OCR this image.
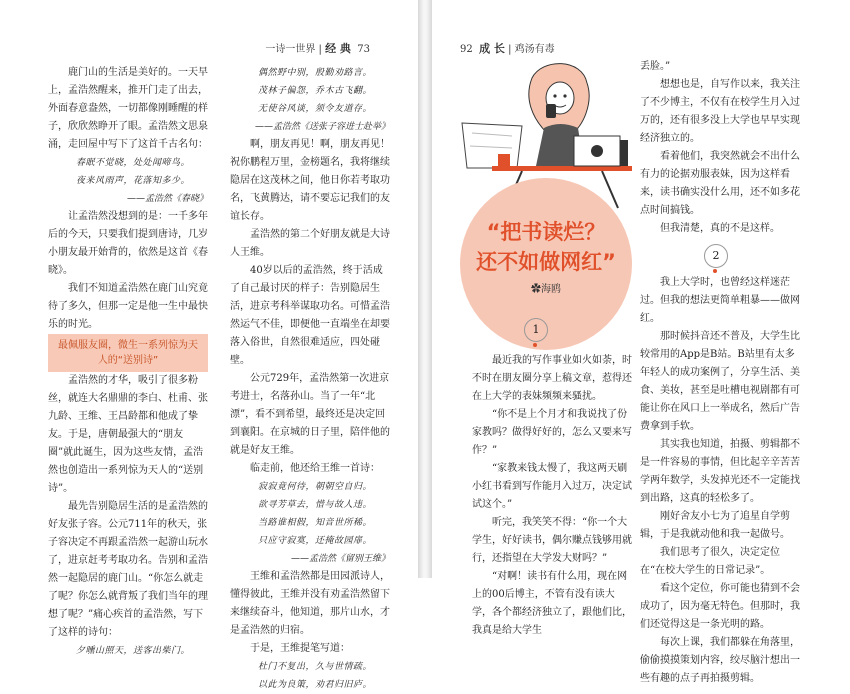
一诗一世界 | 经 典 73

鹿门山的生活是美好的。一天早上，孟浩然醒来，推开门走了出去，外面春意盎然，一切都像刚睡醒的样子，欣欣然睁开了眼。孟浩然文思泉涌，走回屋中写下了这首千古名句：

春眠不觉晓，处处闻啼鸟。

夜来风雨声，花落知多少。

——孟浩然《春晓》

让孟浩然没想到的是：一千多年后的今天，只要我们提到唐诗，几岁小朋友最开始背的，依然是这首《春晓》。

我们不知道孟浩然在鹿门山究竟待了多久，但那一定是他一生中最快乐的时光。

最佩服友圈，微生一系列惊为天人的“送别诗”

孟浩然的才华，吸引了很多粉丝，就连大名鼎鼎的李白、杜甫、张九龄、王维、王昌龄都和他成了挚友。于是，唐朝最强大的“朋友圈”就此诞生，因为这些友情，孟浩然也创造出一系列惊为天人的“送别诗”。

最先告别隐居生活的是孟浩然的好友张子容。公元711年的秋天，张子容决定不再跟孟浩然一起游山玩水了，进京赶考考取功名。告别和孟浩然一起隐居的鹿门山。“你怎么就走了呢？你怎么就背叛了我们当年的理想了呢？”痛心疾首的孟浩然，写下了这样的诗句：

夕曛山照天，送客出柴门。

偶然野中别，殷勤劝路言。

茂林子偏怨，乔木古飞翻。

无使谷风谈，须令友道存。

——孟浩然《送张子容进士赴举》

啊，朋友再见！啊，朋友再见！祝你鹏程万里，金榜题名，我将继续隐居在这茂林之间，他日你若考取功名，飞黄腾达，请不要忘记我们的友谊长存。

孟浩然的第二个好朋友就是大诗人王维。

40岁以后的孟浩然，终于活成了自己最讨厌的样子：告别隐居生活，进京考科举谋取功名。可惜孟浩然运气不佳，即便他一直端坐在却要落入俗世，自然很难适应，四处碰壁。

公元729年，孟浩然第一次进京考进士，名落孙山。当了一年“北漂”，看不到希望，最终还是决定回到襄阳。在京城的日子里，陪伴他的就是好友王维。

临走前，他还给王维一首诗：

寂寂竟何待，朝朝空自归。

欲寻芳草去，惜与故人违。

当路谁相假，知音世所稀。

只应守寂寞，还掩故园扉。

——孟浩然《留别王维》

王维和孟浩然都是田园派诗人，懂得彼此，王维并没有劝孟浩然留下来继续奋斗，他知道，那片山水，才是孟浩然的归宿。

于是，王维提笔写道：

杜门不复出，久与世情疏。

以此为良策，劝君归旧庐。

92 成 长 | 鸡汤有毒
“把书读烂？
还不如做网红”
✿海鸥
1

最近我的写作事业如火如荼，时不时在朋友圈分享上稿文章，惹得还在上大学的表妹频频来骚扰。

“你不是上个月才和我说找了份家教吗？做得好好的，怎么又要来写作？”

“家教来钱太慢了，我这两天刷小红书看到写作能月入过万，决定试试这个。”

听完，我笑笑不得：“你一个大学生，好好读书，偶尔赚点钱够用就行，还指望在大学发大财吗？”

“对啊！读书有什么用，现在网上的00后博主，不管有没有读大学，各个都经济独立了，跟他们比，我真是给大学生

丢脸。”

想想也是，自写作以来，我关注了不少博主，不仅有在校学生月入过万的，还有很多没上大学也早早实现经济独立的。

看着他们，我突然就会不出什么有力的论据劝服表妹，因为这样看来，读书确实没什么用，还不如多花点时间搞钱。

但我清楚，真的不是这样。

2

我上大学时，也曾经这样迷茫过。但我的想法更简单粗暴——做网红。

那时候抖音还不普及，大学生比较常用的App是B站。B站里有太多年轻人的成功案例了，分享生活、美食、美妆，甚至是吐槽电视剧都有可能让你在风口上一举成名，然后广告费拿到手软。

其实我也知道，拍摄、剪辑都不是一件容易的事情，但比起辛辛苦苦学两年数学，头发掉光还不一定能找到出路，这真的轻松多了。

刚好舍友小七为了追星自学剪辑，于是我就动他和我一起做号。

我们思考了很久，决定定位在“在校大学生的日常记录”。

看这个定位，你可能也猜到不会成功了，因为毫无特色。但那时，我们还觉得这是一条光明的路。

每次上课，我们都躲在角落里，偷偷摸摸策划内容，绞尽脑汁想出一些有趣的点子再拍摄剪辑。
